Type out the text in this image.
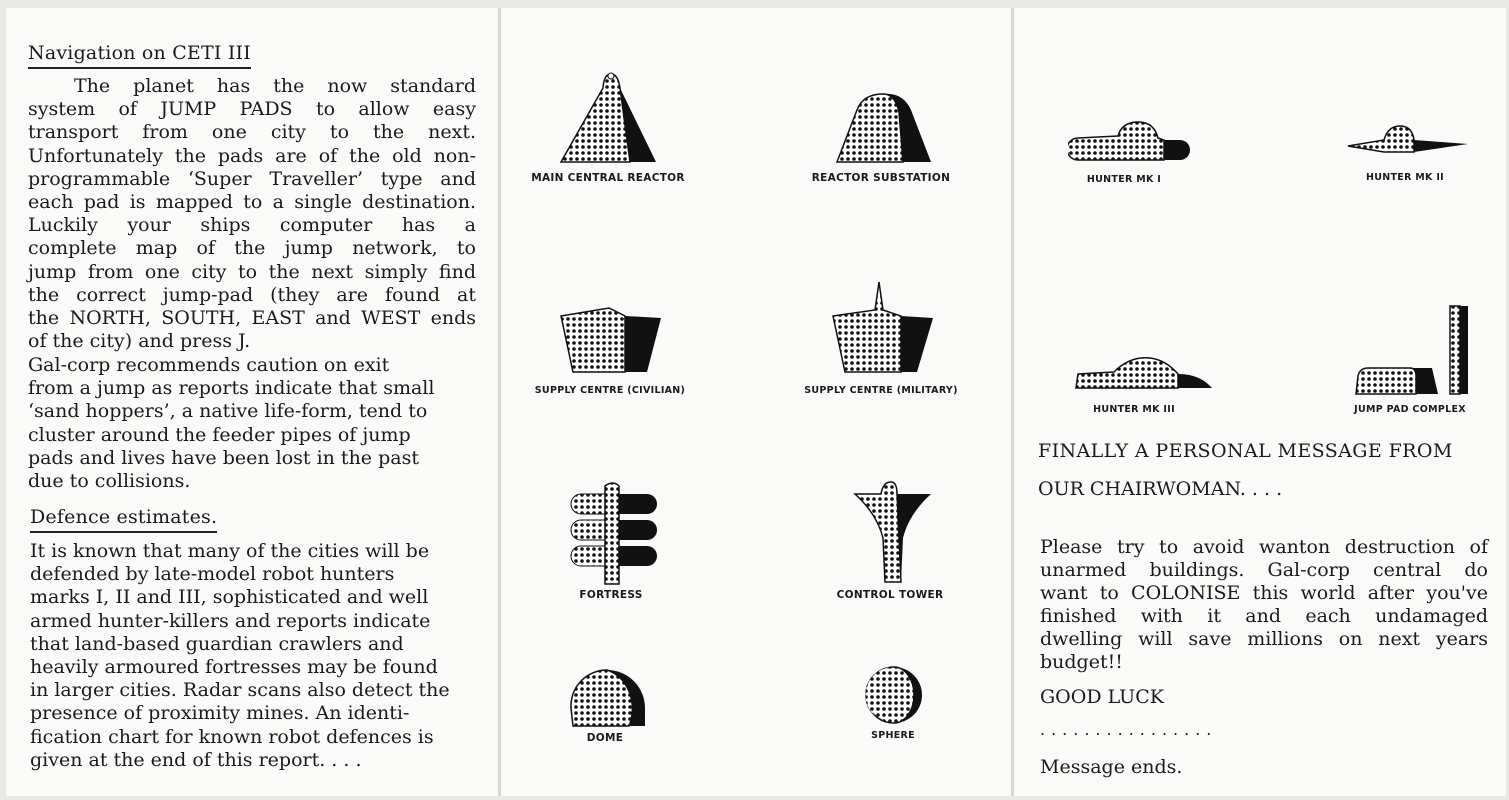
Navigation on CETI III
The planet has the now standard
system of JUMP PADS to allow easy
transport from one city to the next.
Unfortunately the pads are of the old non-
programmable ‘Super Traveller’ type and
each pad is mapped to a single destination.
Luckily your ships computer has a
complete map of the jump network, to
jump from one city to the next simply find
the correct jump-pad (they are found at
the NORTH, SOUTH, EAST and WEST ends
of the city) and press J.
Gal-corp recommends caution on exit
from a jump as reports indicate that small
‘sand hoppers’, a native life-form, tend to
cluster around the feeder pipes of jump
pads and lives have been lost in the past
due to collisions.
Defence estimates.
It is known that many of the cities will be
defended by late-model robot hunters
marks I, II and III, sophisticated and well
armed hunter-killers and reports indicate
that land-based guardian crawlers and
heavily armoured fortresses may be found
in larger cities. Radar scans also detect the
presence of proximity mines. An identi-
fication chart for known robot defences is
given at the end of this report. . . .
MAIN CENTRAL REACTOR	REACTOR SUBSTATION
SUPPLY CENTRE (CIVILIAN)	SUPPLY CENTRE (MILITARY)
FORTRESS	CONTROL TOWER
DOME	SPHERE
HUNTER MK I	HUNTER MK II
HUNTER MK III	JUMP PAD COMPLEX
FINALLY A PERSONAL MESSAGE FROM
OUR CHAIRWOMAN. . . .
Please try to avoid wanton destruction of
unarmed buildings. Gal-corp central do
want to COLONISE this world after you've
finished with it and each undamaged
dwelling will save millions on next years
budget!!
GOOD LUCK
................
Message ends.
